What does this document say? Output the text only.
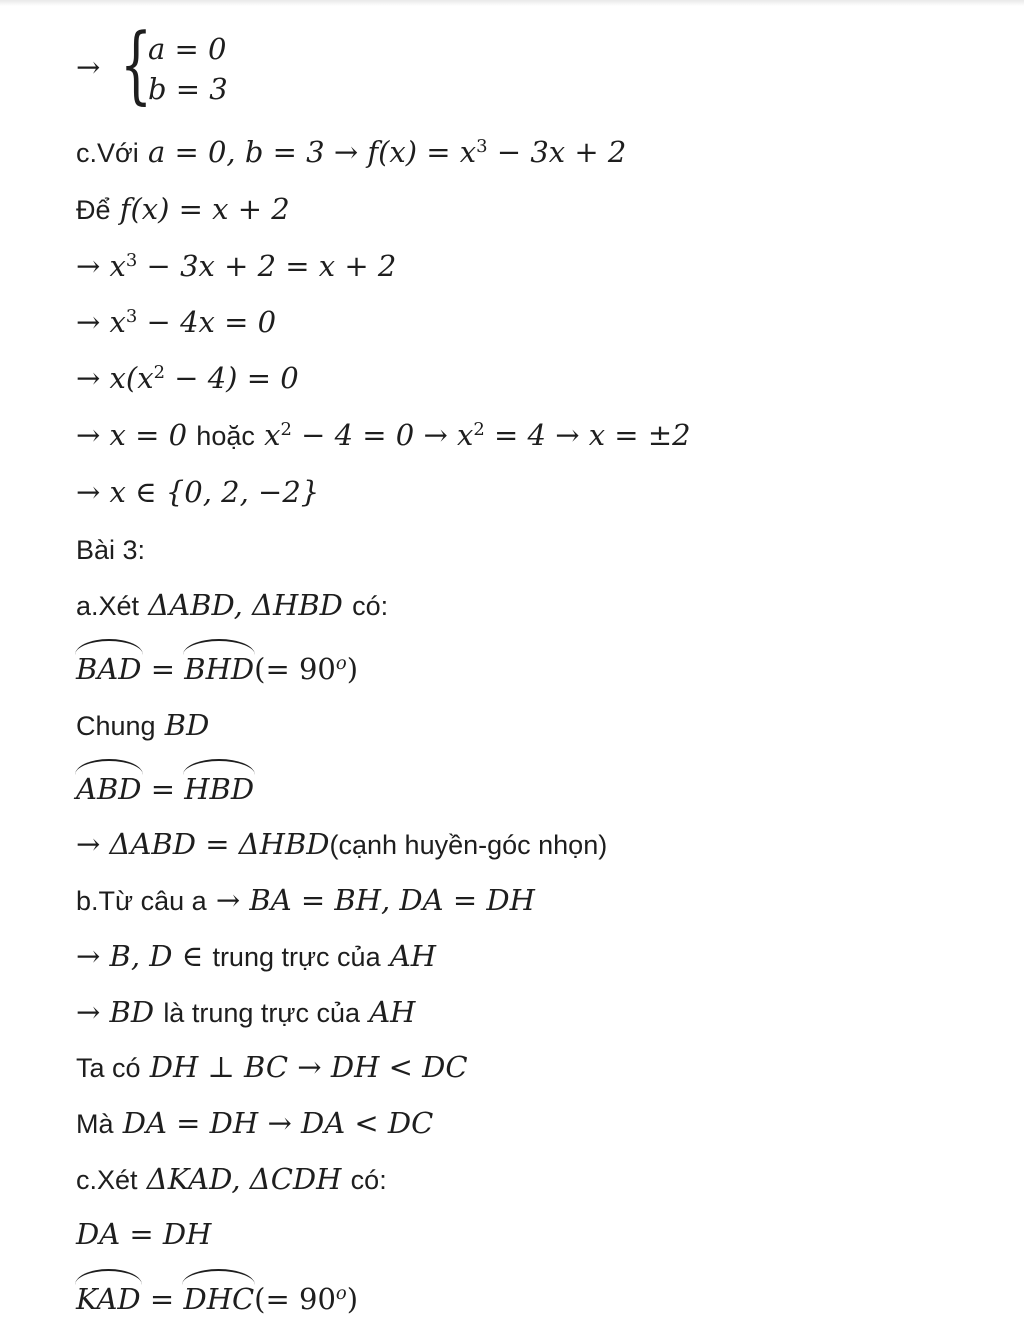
→ {
a = 0
b = 3
c.Với a = 0, $b = 3 \to f(x) = x^3 - 3x + 2$
Để f(x) = x + 2
→ $x^3 - 3x + 2 = x + 2$
→ $x^3 - 4x = 0$
→ $x(x^2 - 4) = 0$
→ x = 0 hoặc $x^2 - 4 = 0 \to x^2 = 4 \to x = \pm 2$
→ x ∈ {0, 2, −2}
Bài 3:
a.Xét ΔABD, ΔHBD có:
BAD = $BHD(= 90^o)$
Chung BD
ABD = HBD
→ ΔABD = ΔHBD(cạnh huyền-góc nhọn)
b.Từ câu a → BA = BH, DA = DH
→ B, D ∈ trung trực của AH
→ BD là trung trực của AH
Ta có DH ⊥ BC → DH < DC
Mà DA = DH → DA < DC
c.Xét ΔKAD, ΔCDH có:
DA = DH
KAD = $DHC(= 90^o)$
